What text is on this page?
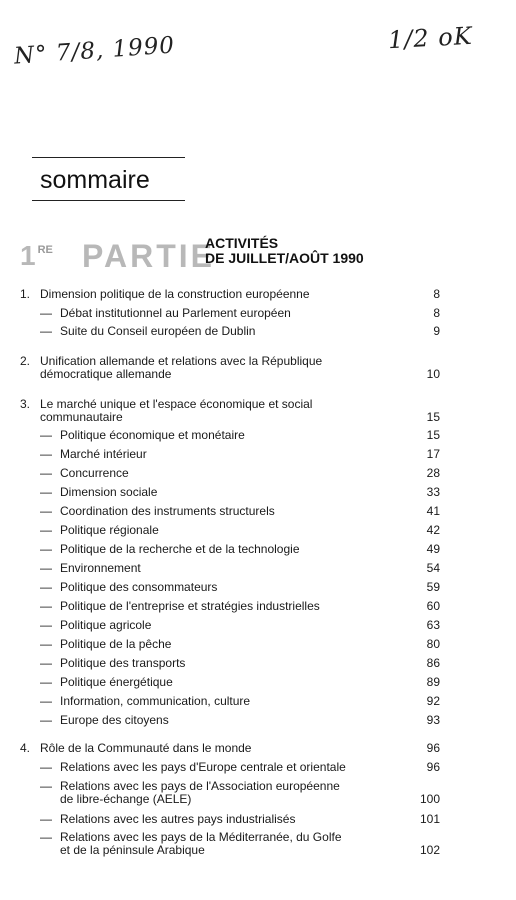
N° 7/8, 1990	1/2 oK
sommaire
1 $^{RE}$ PARTIE
ACTIVITÉS
DE JUILLET/AOÛT 1990
1. Dimension politique de la construction européenne	8
— Débat institutionnel au Parlement européen	8
— Suite du Conseil européen de Dublin	9
2. Unification allemande et relations avec la République
démocratique allemande	10
3. Le marché unique et l'espace économique et social
communautaire	15
— Politique économique et monétaire	15
— Marché intérieur	17
— Concurrence	28
— Dimension sociale	33
— Coordination des instruments structurels	41
— Politique régionale	42
— Politique de la recherche et de la technologie	49
— Environnement	54
— Politique des consommateurs	59
— Politique de l'entreprise et stratégies industrielles	60
— Politique agricole	63
— Politique de la pêche	80
— Politique des transports	86
— Politique énergétique	89
— Information, communication, culture	92
— Europe des citoyens	93
4. Rôle de la Communauté dans le monde	96
— Relations avec les pays d'Europe centrale et orientale	96
— Relations avec les pays de l'Association européenne
de libre-échange (AELE)	100
— Relations avec les autres pays industrialisés	101
— Relations avec les pays de la Méditerranée, du Golfe
et de la péninsule Arabique	102
